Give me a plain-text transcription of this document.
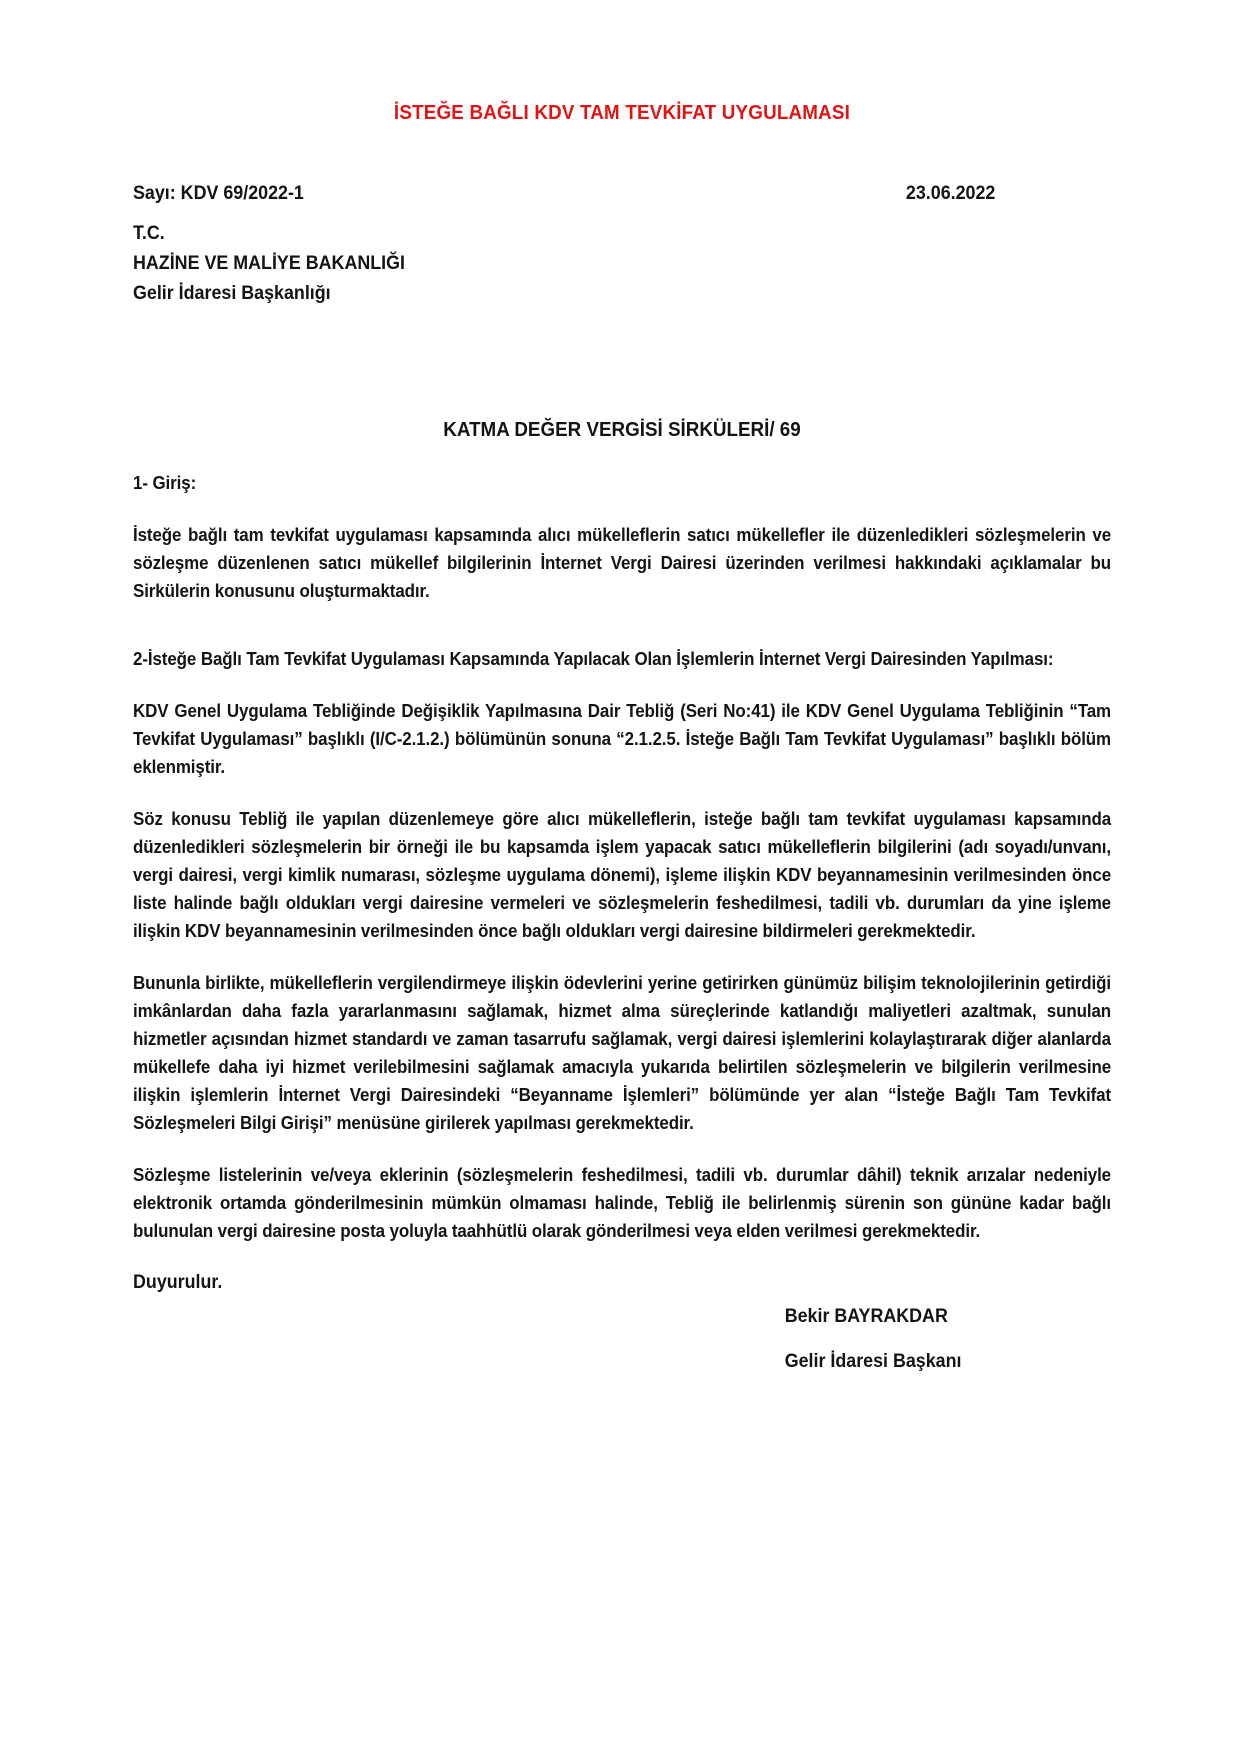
İSTEĞE BAĞLI KDV TAM TEVKİFAT UYGULAMASI
Sayı: KDV 69/2022-1	23.06.2022
T.C.
HAZİNE VE MALİYE BAKANLIĞI
Gelir İdaresi Başkanlığı
KATMA DEĞER VERGİSİ SİRKÜLERİ/ 69
1- Giriş:
İsteğe bağlı tam tevkifat uygulaması kapsamında alıcı mükelleflerin satıcı mükellefler ile düzenledikleri sözleşmelerin ve sözleşme düzenlenen satıcı mükellef bilgilerinin İnternet Vergi Dairesi üzerinden verilmesi hakkındaki açıklamalar bu Sirkülerin konusunu oluşturmaktadır.
2-İsteğe Bağlı Tam Tevkifat Uygulaması Kapsamında Yapılacak Olan İşlemlerin İnternet Vergi Dairesinden Yapılması:
KDV Genel Uygulama Tebliğinde Değişiklik Yapılmasına Dair Tebliğ (Seri No:41) ile KDV Genel Uygulama Tebliğinin “Tam Tevkifat Uygulaması” başlıklı (I/C-2.1.2.) bölümünün sonuna “2.1.2.5. İsteğe Bağlı Tam Tevkifat Uygulaması” başlıklı bölüm eklenmiştir.
Söz konusu Tebliğ ile yapılan düzenlemeye göre alıcı mükelleflerin, isteğe bağlı tam tevkifat uygulaması kapsamında düzenledikleri sözleşmelerin bir örneği ile bu kapsamda işlem yapacak satıcı mükelleflerin bilgilerini (adı soyadı/unvanı, vergi dairesi, vergi kimlik numarası, sözleşme uygulama dönemi), işleme ilişkin KDV beyannamesinin verilmesinden önce liste halinde bağlı oldukları vergi dairesine vermeleri ve sözleşmelerin feshedilmesi, tadili vb. durumları da yine işleme ilişkin KDV beyannamesinin verilmesinden önce bağlı oldukları vergi dairesine bildirmeleri gerekmektedir.
Bununla birlikte, mükelleflerin vergilendirmeye ilişkin ödevlerini yerine getirirken günümüz bilişim teknolojilerinin getirdiği imkânlardan daha fazla yararlanmasını sağlamak, hizmet alma süreçlerinde katlandığı maliyetleri azaltmak, sunulan hizmetler açısından hizmet standardı ve zaman tasarrufu sağlamak, vergi dairesi işlemlerini kolaylaştırarak diğer alanlarda mükellefe daha iyi hizmet verilebilmesini sağlamak amacıyla yukarıda belirtilen sözleşmelerin ve bilgilerin verilmesine ilişkin işlemlerin İnternet Vergi Dairesindeki “Beyanname İşlemleri” bölümünde yer alan “İsteğe Bağlı Tam Tevkifat Sözleşmeleri Bilgi Girişi” menüsüne girilerek yapılması gerekmektedir.
Sözleşme listelerinin ve/veya eklerinin (sözleşmelerin feshedilmesi, tadili vb. durumlar dâhil) teknik arızalar nedeniyle elektronik ortamda gönderilmesinin mümkün olmaması halinde, Tebliğ ile belirlenmiş sürenin son gününe kadar bağlı bulunulan vergi dairesine posta yoluyla taahhütlü olarak gönderilmesi veya elden verilmesi gerekmektedir.
Duyurulur.
Bekir BAYRAKDAR
Gelir İdaresi Başkanı
